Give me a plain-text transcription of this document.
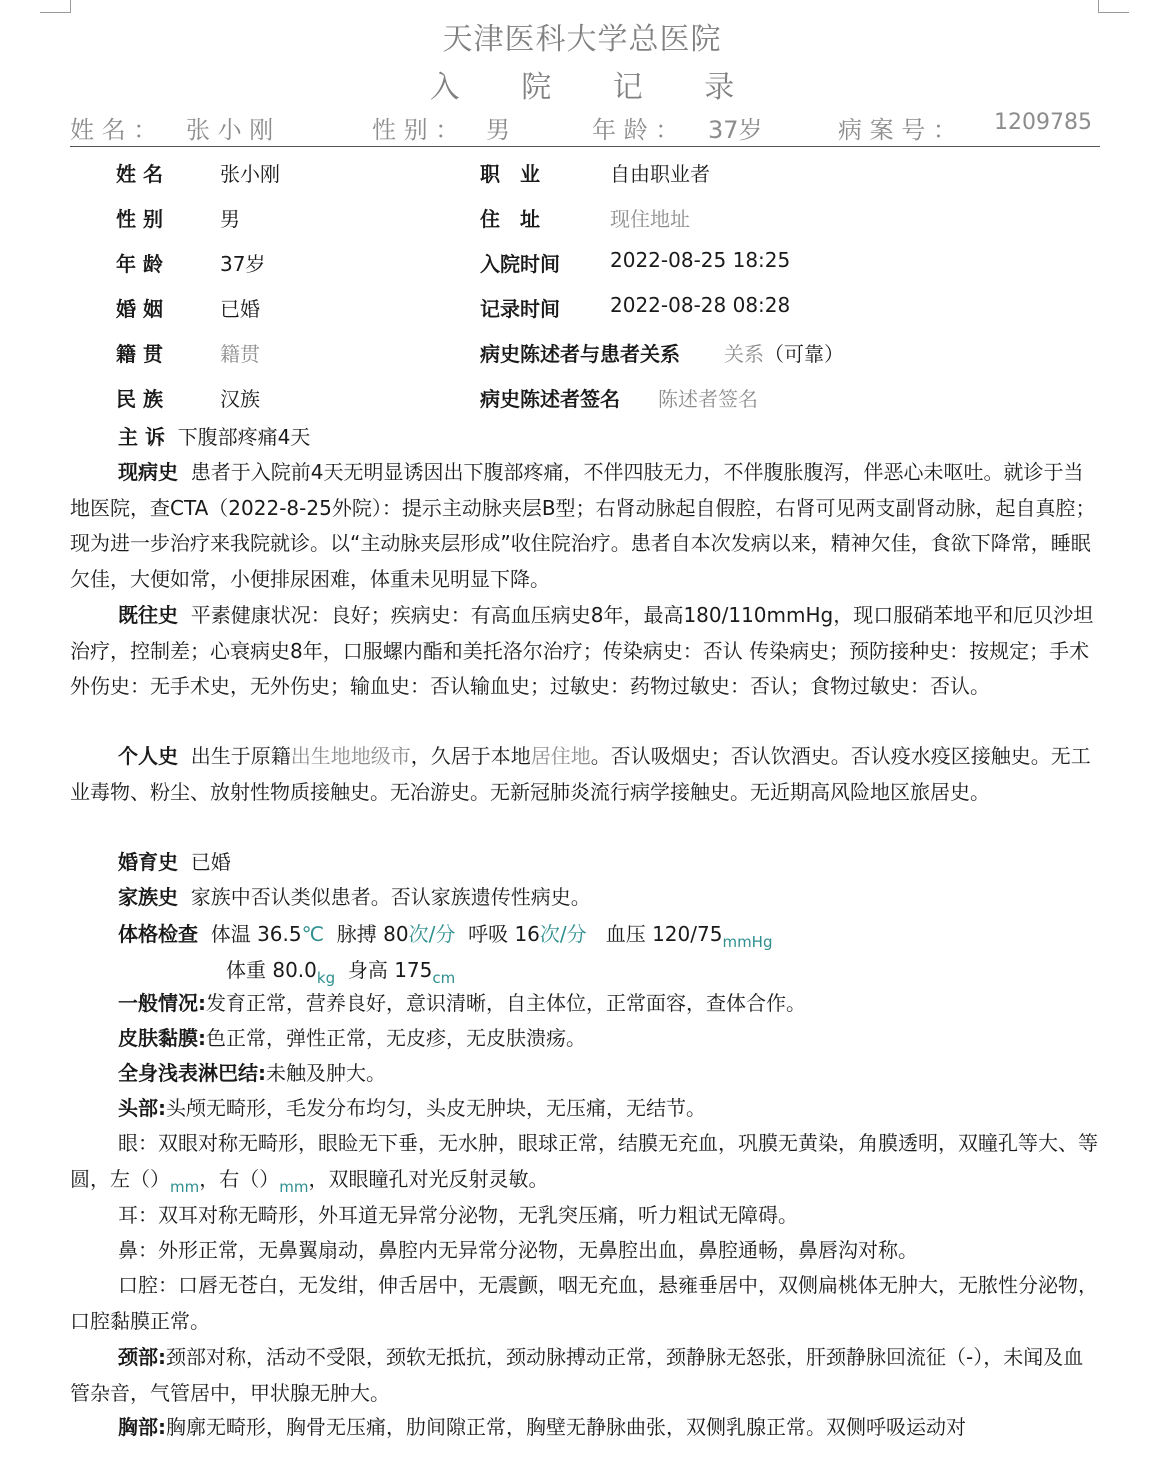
天津医科大学总医院
入 院 记 录
姓 名 ： 张 小 刚	性 别 ： 男	年 龄 ： 37岁	病 案 号 ： 1209785
姓 名	张小刚	职　业	自由职业者
性 别	男	住　址	现住地址
年 龄	37岁	入院时间	2022-08-25 18:25
婚 姻	已婚	记录时间	2022-08-28 08:28
籍 贯	籍贯	病史陈述者与患者关系 关系（可靠）
民 族	汉族	病史陈述者签名 陈述者签名
主 诉 下腹部疼痛4天
现病史 患者于入院前4天无明显诱因出下腹部疼痛，不伴四肢无力，不伴腹胀腹泻，伴恶心未呕吐。就诊于当地医院，查CTA（2022-8-25外院）：提示主动脉夹层B型；右肾动脉起自假腔，右肾可见两支副肾动脉，起自真腔；现为进一步治疗来我院就诊。以“主动脉夹层形成”收住院治疗。患者自本次发病以来，精神欠佳，食欲下降常，睡眠欠佳，大便如常，小便排尿困难，体重未见明显下降。
既往史 平素健康状况：良好；疾病史：有高血压病史8年，最高180/110mmHg，现口服硝苯地平和厄贝沙坦治疗，控制差；心衰病史8年，口服螺内酯和美托洛尔治疗；传染病史：否认 传染病史；预防接种史：按规定；手术外伤史：无手术史，无外伤史；输血史：否认输血史；过敏史：药物过敏史：否认；食物过敏史：否认。
个人史 出生于原籍出生地地级市，久居于本地居住地。否认吸烟史；否认饮酒史。否认疫水疫区接触史。无工业毒物、粉尘、放射性物质接触史。无冶游史。无新冠肺炎流行病学接触史。无近期高风险地区旅居史。
婚育史 已婚
家族史 家族中否认类似患者。否认家族遗传性病史。
体格检查 体温 36.5℃ 脉搏 80次/分 呼吸 16次/分 血压 $120/75_{mmHg}$
体重 $80.0_{kg}$ 身高 $175_{cm}$
一般情况:发育正常，营养良好，意识清晰，自主体位，正常面容，查体合作。
皮肤黏膜:色正常，弹性正常，无皮疹，无皮肤溃疡。
全身浅表淋巴结:未触及肿大。
头部:头颅无畸形，毛发分布均匀，头皮无肿块，无压痛，无结节。
眼：双眼对称无畸形，眼睑无下垂，无水肿，眼球正常，结膜无充血，巩膜无黄染，角膜透明，双瞳孔等大、等圆，左$()_{mm}$，右$()_{mm}$，双眼瞳孔对光反射灵敏。
耳：双耳对称无畸形，外耳道无异常分泌物，无乳突压痛，听力粗试无障碍。
鼻：外形正常，无鼻翼扇动，鼻腔内无异常分泌物，无鼻腔出血，鼻腔通畅，鼻唇沟对称。
口腔：口唇无苍白，无发绀，伸舌居中，无震颤，咽无充血，悬雍垂居中，双侧扁桃体无肿大，无脓性分泌物，口腔黏膜正常。
颈部:颈部对称，活动不受限，颈软无抵抗，颈动脉搏动正常，颈静脉无怒张，肝颈静脉回流征（-），未闻及血管杂音，气管居中，甲状腺无肿大。
胸部:胸廓无畸形，胸骨无压痛，肋间隙正常，胸壁无静脉曲张，双侧乳腺正常。双侧呼吸运动对
